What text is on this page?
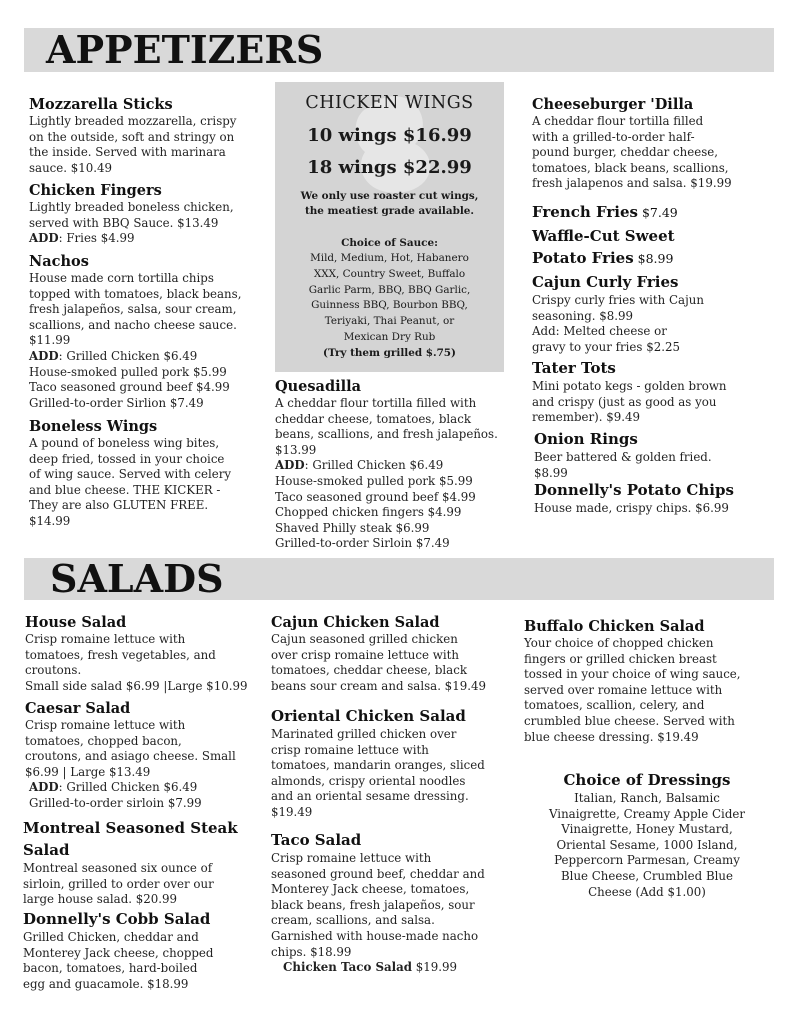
APPETIZERS
Mozzarella Sticks
Lightly breaded mozzarella, crispy
on the outside, soft and stringy on
the inside. Served with marinara
sauce. $10.49
Chicken Fingers
Lightly breaded boneless chicken,
served with BBQ Sauce. $13.49
ADD: Fries $4.99
Nachos
House made corn tortilla chips
topped with tomatoes, black beans,
fresh jalapeños, salsa, sour cream,
scallions, and nacho cheese sauce.
$11.99
ADD: Grilled Chicken $6.49
House-smoked pulled pork $5.99
Taco seasoned ground beef $4.99
Grilled-to-order Sirlion $7.49
Boneless Wings
A pound of boneless wing bites,
deep fried, tossed in your choice
of wing sauce. Served with celery
and blue cheese. THE KICKER -
They are also GLUTEN FREE.
$14.99
CHICKEN WINGS
10 wings $16.99
18 wings $22.99
We only use roaster cut wings,
the meatiest grade available.
Choice of Sauce:
Mild, Medium, Hot, Habanero
XXX, Country Sweet, Buffalo
Garlic Parm, BBQ, BBQ Garlic,
Guinness BBQ, Bourbon BBQ,
Teriyaki, Thai Peanut, or
Mexican Dry Rub
(Try them grilled $.75)
Quesadilla
A cheddar flour tortilla filled with
cheddar cheese, tomatoes, black
beans, scallions, and fresh jalapeños.
$13.99
ADD: Grilled Chicken $6.49
House-smoked pulled pork $5.99
Taco seasoned ground beef $4.99
Chopped chicken fingers $4.99
Shaved Philly steak $6.99
Grilled-to-order Sirloin $7.49
Cheeseburger 'Dilla
A cheddar flour tortilla filled
with a grilled-to-order half-
pound burger, cheddar cheese,
tomatoes, black beans, scallions,
fresh jalapenos and salsa. $19.99
French Fries $7.49
Waffle-Cut Sweet
Potato Fries $8.99
Cajun Curly Fries
Crispy curly fries with Cajun
seasoning. $8.99
Add: Melted cheese or
gravy to your fries $2.25
Tater Tots
Mini potato kegs - golden brown
and crispy (just as good as you
remember). $9.49
Onion Rings
Beer battered & golden fried.
$8.99
Donnelly's Potato Chips
House made, crispy chips. $6.99
SALADS
House Salad
Crisp romaine lettuce with
tomatoes, fresh vegetables, and
croutons.
Small side salad $6.99 |Large $10.99
Caesar Salad
Crisp romaine lettuce with
tomatoes, chopped bacon,
croutons, and asiago cheese. Small
$6.99 | Large $13.49
ADD: Grilled Chicken $6.49
Grilled-to-order sirloin $7.99
Montreal Seasoned Steak
Salad
Montreal seasoned six ounce of
sirloin, grilled to order over our
large house salad. $20.99
Donnelly's Cobb Salad
Grilled Chicken, cheddar and
Monterey Jack cheese, chopped
bacon, tomatoes, hard-boiled
egg and guacamole. $18.99
Cajun Chicken Salad
Cajun seasoned grilled chicken
over crisp romaine lettuce with
tomatoes, cheddar cheese, black
beans sour cream and salsa. $19.49
Oriental Chicken Salad
Marinated grilled chicken over
crisp romaine lettuce with
tomatoes, mandarin oranges, sliced
almonds, crispy oriental noodles
and an oriental sesame dressing.
$19.49
Taco Salad
Crisp romaine lettuce with
seasoned ground beef, cheddar and
Monterey Jack cheese, tomatoes,
black beans, fresh jalapeños, sour
cream, scallions, and salsa.
Garnished with house-made nacho
chips. $18.99
Chicken Taco Salad $19.99
Buffalo Chicken Salad
Your choice of chopped chicken
fingers or grilled chicken breast
tossed in your choice of wing sauce,
served over romaine lettuce with
tomatoes, scallion, celery, and
crumbled blue cheese. Served with
blue cheese dressing. $19.49
Choice of Dressings
Italian, Ranch, Balsamic
Vinaigrette, Creamy Apple Cider
Vinaigrette, Honey Mustard,
Oriental Sesame, 1000 Island,
Peppercorn Parmesan, Creamy
Blue Cheese, Crumbled Blue
Cheese (Add $1.00)
